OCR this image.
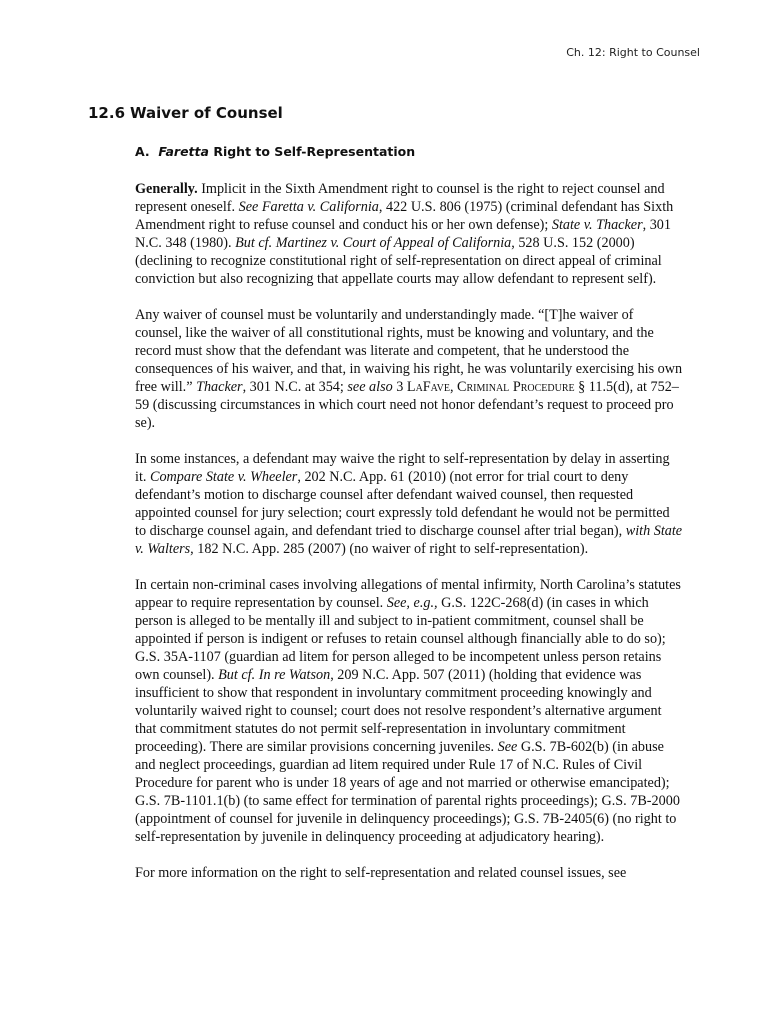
Ch. 12: Right to Counsel
12.6 Waiver of Counsel
A. Faretta Right to Self-Representation

Generally. Implicit in the Sixth Amendment right to counsel is the right to reject counsel and represent oneself. See Faretta v. California, 422 U.S. 806 (1975) (criminal defendant has Sixth Amendment right to refuse counsel and conduct his or her own defense); State v. Thacker, 301 N.C. 348 (1980). But cf. Martinez v. Court of Appeal of California, 528 U.S. 152 (2000) (declining to recognize constitutional right of self-representation on direct appeal of criminal conviction but also recognizing that appellate courts may allow defendant to represent self).

Any waiver of counsel must be voluntarily and understandingly made. “[T]he waiver of counsel, like the waiver of all constitutional rights, must be knowing and voluntary, and the record must show that the defendant was literate and competent, that he understood the consequences of his waiver, and that, in waiving his right, he was voluntarily exercising his own free will.” Thacker, 301 N.C. at 354; see also 3 LaFave, Criminal Procedure § 11.5(d), at 752–59 (discussing circumstances in which court need not honor defendant’s request to proceed pro se).

In some instances, a defendant may waive the right to self-representation by delay in asserting it. Compare State v. Wheeler, 202 N.C. App. 61 (2010) (not error for trial court to deny defendant’s motion to discharge counsel after defendant waived counsel, then requested appointed counsel for jury selection; court expressly told defendant he would not be permitted to discharge counsel again, and defendant tried to discharge counsel after trial began), with State v. Walters, 182 N.C. App. 285 (2007) (no waiver of right to self-representation).

In certain non-criminal cases involving allegations of mental infirmity, North Carolina’s statutes appear to require representation by counsel. See, e.g., G.S. 122C-268(d) (in cases in which person is alleged to be mentally ill and subject to in-patient commitment, counsel shall be appointed if person is indigent or refuses to retain counsel although financially able to do so); G.S. 35A-1107 (guardian ad litem for person alleged to be incompetent unless person retains own counsel). But cf. In re Watson, 209 N.C. App. 507 (2011) (holding that evidence was insufficient to show that respondent in involuntary commitment proceeding knowingly and voluntarily waived right to counsel; court does not resolve respondent’s alternative argument that commitment statutes do not permit self-representation in involuntary commitment proceeding). There are similar provisions concerning juveniles. See G.S. 7B-602(b) (in abuse and neglect proceedings, guardian ad litem required under Rule 17 of N.C. Rules of Civil Procedure for parent who is under 18 years of age and not married or otherwise emancipated); G.S. 7B-1101.1(b) (to same effect for termination of parental rights proceedings); G.S. 7B-2000 (appointment of counsel for juvenile in delinquency proceedings); G.S. 7B-2405(6) (no right to self-representation by juvenile in delinquency proceeding at adjudicatory hearing).

For more information on the right to self-representation and related counsel issues, see
